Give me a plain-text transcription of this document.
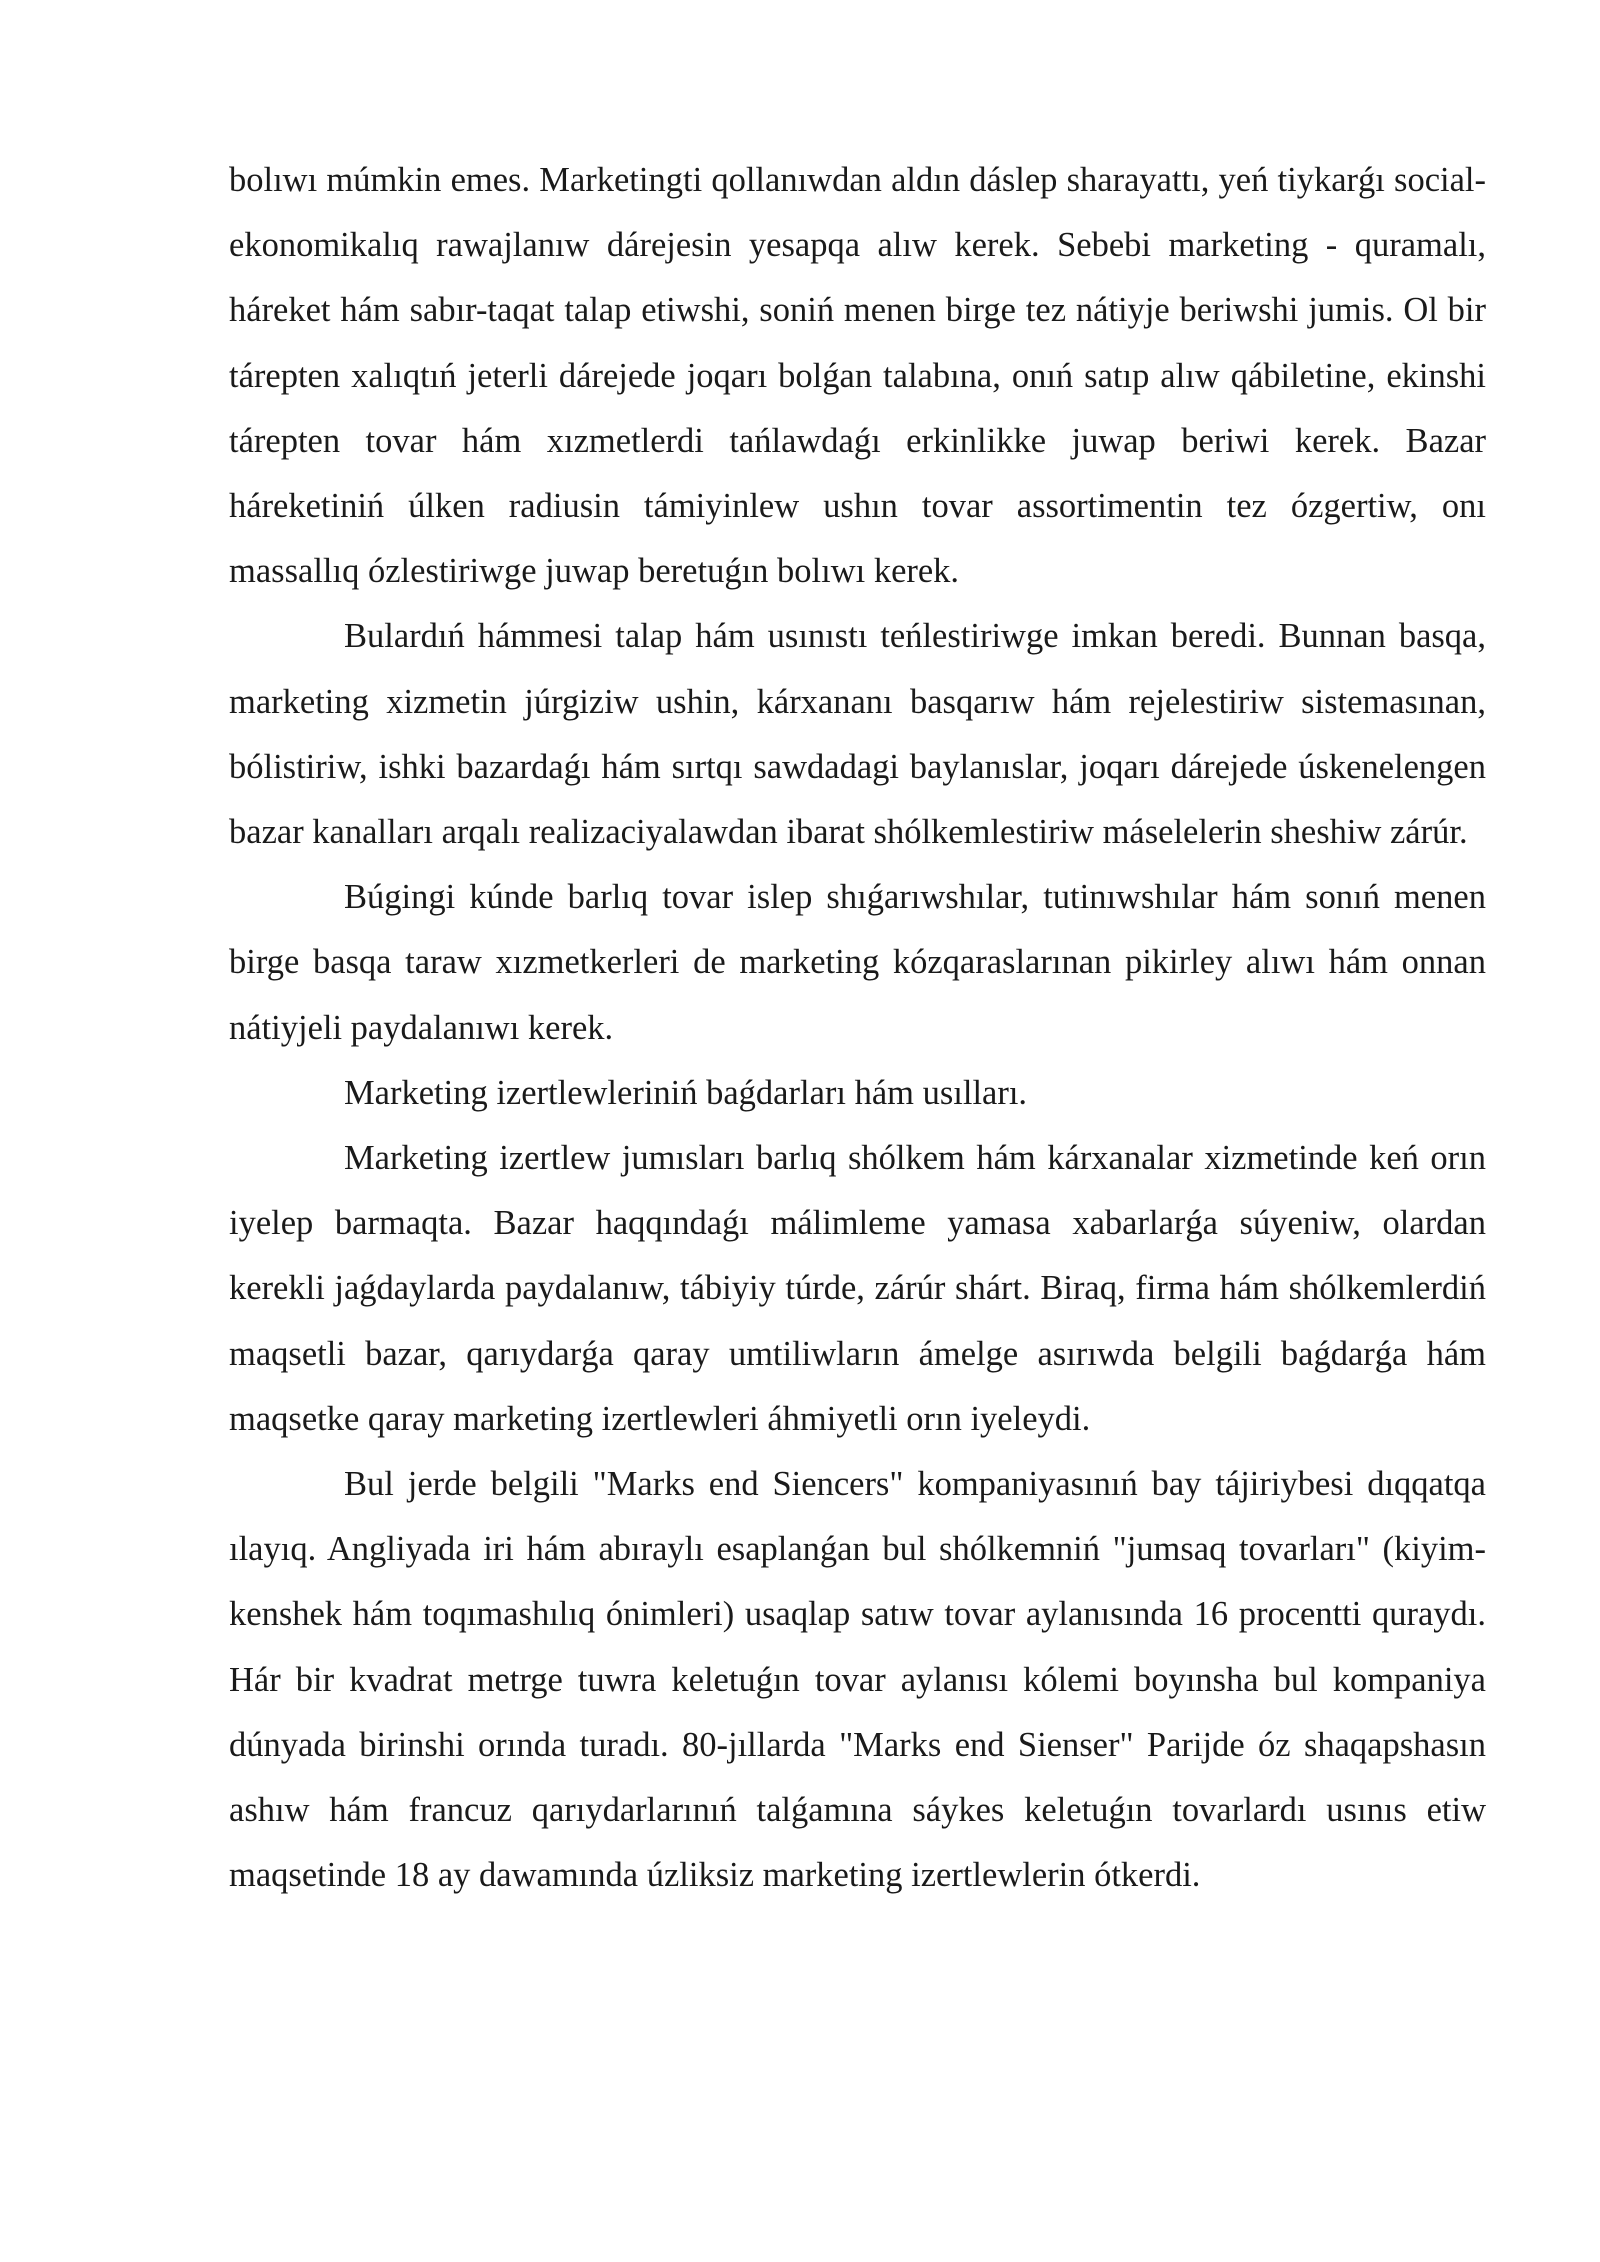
bolıwı múmkin emes. Marketingti qollanıwdan aldın dáslep sharayattı, yeń tiykarǵı social-ekonomikalıq rawajlanıw dárejesin yesapqa alıw kerek. Sebebi marketing - quramalı, háreket hám sabır-taqat talap etiwshi, soniń menen birge tez nátiyje beriwshi jumis. Ol bir tárepten xalıqtıń jeterli dárejede joqarı bolǵan talabına, onıń satıp alıw qábiletine, ekinshi tárepten tovar hám xızmetlerdi tańlawdaǵı erkinlikke juwap beriwi kerek. Bazar háreketiniń úlken radiusin támiyinlew ushın tovar assortimentin tez ózgertiw, onı massallıq ózlestiriwge juwap beretuǵın bolıwı kerek.

Bulardıń hámmesi talap hám usınıstı teńlestiriwge imkan beredi. Bunnan basqa, marketing xizmetin júrgiziw ushin, kárxananı basqarıw hám rejelestiriw sistemasınan, bólistiriw, ishki bazardaǵı hám sırtqı sawdadagi baylanıslar, joqarı dárejede úskenelengen bazar kanalları arqalı realizaciyalawdan ibarat shólkemlestiriw máselelerin sheshiw zárúr.

Búgingi kúnde barlıq tovar islep shıǵarıwshılar, tutinıwshılar hám sonıń menen birge basqa taraw xızmetkerleri de marketing kózqaraslarınan pikirley alıwı hám onnan nátiyjeli paydalanıwı kerek.

Marketing izertlewleriniń baǵdarları hám usılları.

Marketing izertlew jumısları barlıq shólkem hám kárxanalar xizmetinde keń orın iyelep barmaqta. Bazar haqqındaǵı málimleme yamasa xabarlarǵa súyeniw, olardan kerekli jaǵdaylarda paydalanıw, tábiyiy túrde, zárúr shárt. Biraq, firma hám shólkemlerdiń maqsetli bazar, qarıydarǵa qaray umtiliwların ámelge asırıwda belgili baǵdarǵa hám maqsetke qaray marketing izertlewleri áhmiyetli orın iyeleydi.

Bul jerde belgili "Marks end Siencers" kompaniyasınıń bay tájiriybesi dıqqatqa ılayıq. Angliyada iri hám abıraylı esaplanǵan bul shólkemniń "jumsaq tovarları" (kiyim-kenshek hám toqımashılıq ónimleri) usaqlap satıw tovar aylanısında 16 procentti quraydı. Hár bir kvadrat metrge tuwra keletuǵın tovar aylanısı kólemi boyınsha bul kompaniya dúnyada birinshi orında turadı. 80-jıllarda "Marks end Sienser" Parijde óz shaqapshasın ashıw hám francuz qarıydarlarınıń talǵamına sáykes keletuǵın tovarlardı usınıs etiw maqsetinde 18 ay dawamında úzliksiz marketing izertlewlerin ótkerdi.
